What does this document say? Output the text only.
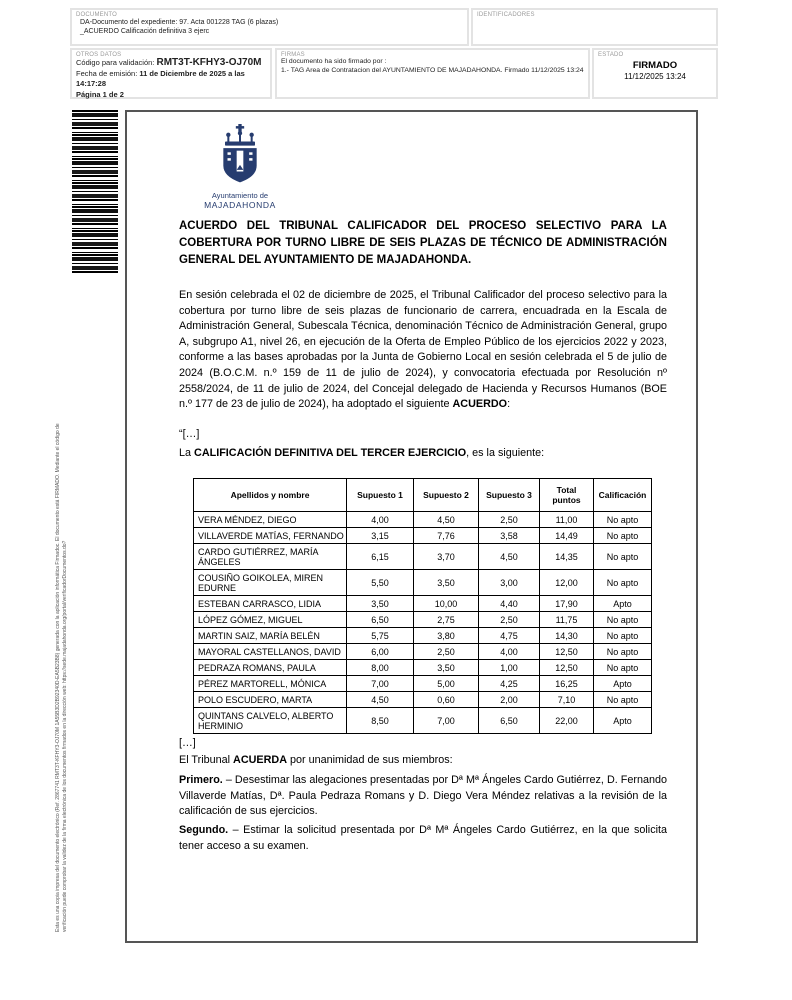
DOCUMENTO
DA-Documento del expediente: 97. Acta 001228 TAG (6 plazas)
_ACUERDO Calificación definitiva 3 ejerc
IDENTIFICADORES
OTROS DATOS
Código para validación: RMT3T-KFHY3-OJ70M
Fecha de emisión: 11 de Diciembre de 2025 a las 14:17:28
Página 1 de 2
FIRMAS
El documento ha sido firmado por :
1.- TAG Area de Contratacion del AYUNTAMIENTO DE MAJADAHONDA. Firmado 11/12/2025 13:24
ESTADO
FIRMADO
11/12/2025 13:24
Esta es una copia impresa del documento electrónico (Ref. 2867741 RMT3T-KFHY3-OJ70M 1A55B3D2B92340D-EA5B23B8) generada con la aplicación informática Firmadoc. El documento está FIRMADO. Mediante el código de verificación puede comprobar la validez de la firma electrónica de los documentos firmados en la dirección web: https://sede.majadahonda.org/portal/verificadorDocumentos.do?
Ayuntamiento de
MAJADAHONDA
ACUERDO DEL TRIBUNAL CALIFICADOR DEL PROCESO SELECTIVO PARA LA COBERTURA POR TURNO LIBRE DE SEIS PLAZAS DE TÉCNICO DE ADMINISTRACIÓN GENERAL DEL AYUNTAMIENTO DE MAJADAHONDA.
En sesión celebrada el 02 de diciembre de 2025, el Tribunal Calificador del proceso selectivo para la cobertura por turno libre de seis plazas de funcionario de carrera, encuadrada en la Escala de Administración General, Subescala Técnica, denominación Técnico de Administración General, grupo A, subgrupo A1, nivel 26, en ejecución de la Oferta de Empleo Público de los ejercicios 2022 y 2023, conforme a las bases aprobadas por la Junta de Gobierno Local en sesión celebrada el 5 de julio de 2024 (B.O.C.M. n.º 159 de 11 de julio de 2024), y convocatoria efectuada por Resolución nº 2558/2024, de 11 de julio de 2024, del Concejal delegado de Hacienda y Recursos Humanos (BOE n.º 177 de 23 de julio de 2024), ha adoptado el siguiente ACUERDO:
“[…]
La CALIFICACIÓN DEFINITIVA DEL TERCER EJERCICIO, es la siguiente:
Apellidos y nombre	Supuesto 1	Supuesto 2	Supuesto 3	Total puntos	Calificación
VERA MÉNDEZ, DIEGO	4,00	4,50	2,50	11,00	No apto
VILLAVERDE MATÍAS, FERNANDO	3,15	7,76	3,58	14,49	No apto
CARDO GUTIÉRREZ, MARÍA ÁNGELES	6,15	3,70	4,50	14,35	No apto
COUSIÑO GOIKOLEA, MIREN EDURNE	5,50	3,50	3,00	12,00	No apto
ESTEBAN CARRASCO, LIDIA	3,50	10,00	4,40	17,90	Apto
LÓPEZ GÓMEZ, MIGUEL	6,50	2,75	2,50	11,75	No apto
MARTIN SAIZ, MARÍA BELÉN	5,75	3,80	4,75	14,30	No apto
MAYORAL CASTELLANOS, DAVID	6,00	2,50	4,00	12,50	No apto
PEDRAZA ROMANS, PAULA	8,00	3,50	1,00	12,50	No apto
PÉREZ MARTORELL, MÓNICA	7,00	5,00	4,25	16,25	Apto
POLO ESCUDERO, MARTA	4,50	0,60	2,00	7,10	No apto
QUINTANS CALVELO, ALBERTO HERMINIO	8,50	7,00	6,50	22,00	Apto
[…]
El Tribunal ACUERDA por unanimidad de sus miembros:
Primero. – Desestimar las alegaciones presentadas por Dª Mª Ángeles Cardo Gutiérrez, D. Fernando Villaverde Matías, Dª. Paula Pedraza Romans y D. Diego Vera Méndez relativas a la revisión de la calificación de sus ejercicios.
Segundo. – Estimar la solicitud presentada por Dª Mª Ángeles Cardo Gutiérrez, en la que solicita tener acceso a su examen.
